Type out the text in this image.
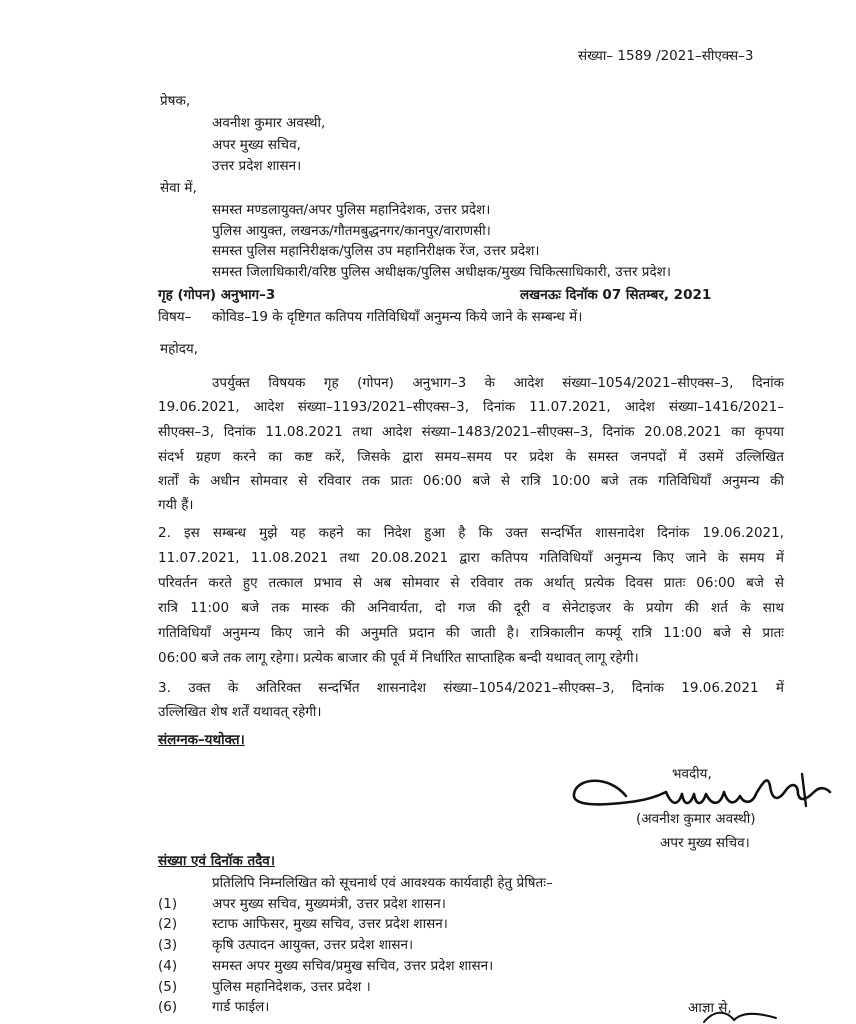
संख्या– 1589 /2021–सीएक्स–3
प्रेषक,
अवनीश कुमार अवस्थी,
अपर मुख्य सचिव,
उत्तर प्रदेश शासन।
सेवा में,
समस्त मण्डलायुक्त/अपर पुलिस महानिदेशक, उत्तर प्रदेश।
पुलिस आयुक्त, लखनऊ/गौतमबुद्धनगर/कानपुर/वाराणसी।
समस्त पुलिस महानिरीक्षक/पुलिस उप महानिरीक्षक रेंज, उत्तर प्रदेश।
समस्त जिलाधिकारी/वरिष्ठ पुलिस अधीक्षक/पुलिस अधीक्षक/मुख्य चिकित्साधिकारी, उत्तर प्रदेश।
गृह (गोपन) अनुभाग–3	लखनऊः दिनॉक 07 सितम्बर, 2021
विषय– कोविड–19 के दृष्टिगत कतिपय गतिविधियॉं अनुमन्य किये जाने के सम्बन्ध में।
महोदय,
उपर्युक्त विषयक गृह (गोपन) अनुभाग–3 के आदेश संख्या–1054/2021–सीएक्स–3, दिनांक
19.06.2021, आदेश संख्या–1193/2021–सीएक्स–3, दिनांक 11.07.2021, आदेश संख्या–1416/2021–
सीएक्स–3, दिनांक 11.08.2021 तथा आदेश संख्या–1483/2021–सीएक्स–3, दिनांक 20.08.2021 का कृपया
संदर्भ ग्रहण करने का कष्ट करें, जिसके द्वारा समय–समय पर प्रदेश के समस्त जनपदों में उसमें उल्लिखित
शर्तों के अधीन सोमवार से रविवार तक प्रातः 06:00 बजे से रात्रि 10:00 बजे तक गतिविधियॉं अनुमन्य की
गयी हैं।
2. इस सम्बन्ध मुझे यह कहने का निदेश हुआ है कि उक्त सन्दर्भित शासनादेश दिनांक 19.06.2021,
11.07.2021, 11.08.2021 तथा 20.08.2021 द्वारा कतिपय गतिविधियॉं अनुमन्य किए जाने के समय में
परिवर्तन करते हुए तत्काल प्रभाव से अब सोमवार से रविवार तक अर्थात् प्रत्येक दिवस प्रातः 06:00 बजे से
रात्रि 11:00 बजे तक मास्क की अनिवार्यता, दो गज की दूरी व सेनेटाइजर के प्रयोग की शर्त के साथ
गतिविधियॉं अनुमन्य किए जाने की अनुमति प्रदान की जाती है। रात्रिकालीन कर्फ्यू रात्रि 11:00 बजे से प्रातः
06:00 बजे तक लागू रहेगा। प्रत्येक बाजार की पूर्व में निर्धारित साप्ताहिक बन्दी यथावत् लागू रहेगी।
3. उक्त के अतिरिक्त सन्दर्भित शासनादेश संख्या–1054/2021–सीएक्स–3, दिनांक 19.06.2021 में
उल्लिखित शेष शर्तें यथावत् रहेगी।
संलग्नक–यथोक्त।
भवदीय,
(अवनीश कुमार अवस्थी)
अपर मुख्य सचिव।
संख्या एवं दिनॉक तदैव।
प्रतिलिपि निम्नलिखित को सूचनार्थ एवं आवश्यक कार्यवाही हेतु प्रेषितः–
(1)	अपर मुख्य सचिव, मुख्यमंत्री, उत्तर प्रदेश शासन।
(2)	स्टाफ आफिसर, मुख्य सचिव, उत्तर प्रदेश शासन।
(3)	कृषि उत्पादन आयुक्त, उत्तर प्रदेश शासन।
(4)	समस्त अपर मुख्य सचिव/प्रमुख सचिव, उत्तर प्रदेश शासन।
(5)	पुलिस महानिदेशक, उत्तर प्रदेश ।
(6)	गार्ड फाईल।	आज्ञा से,
